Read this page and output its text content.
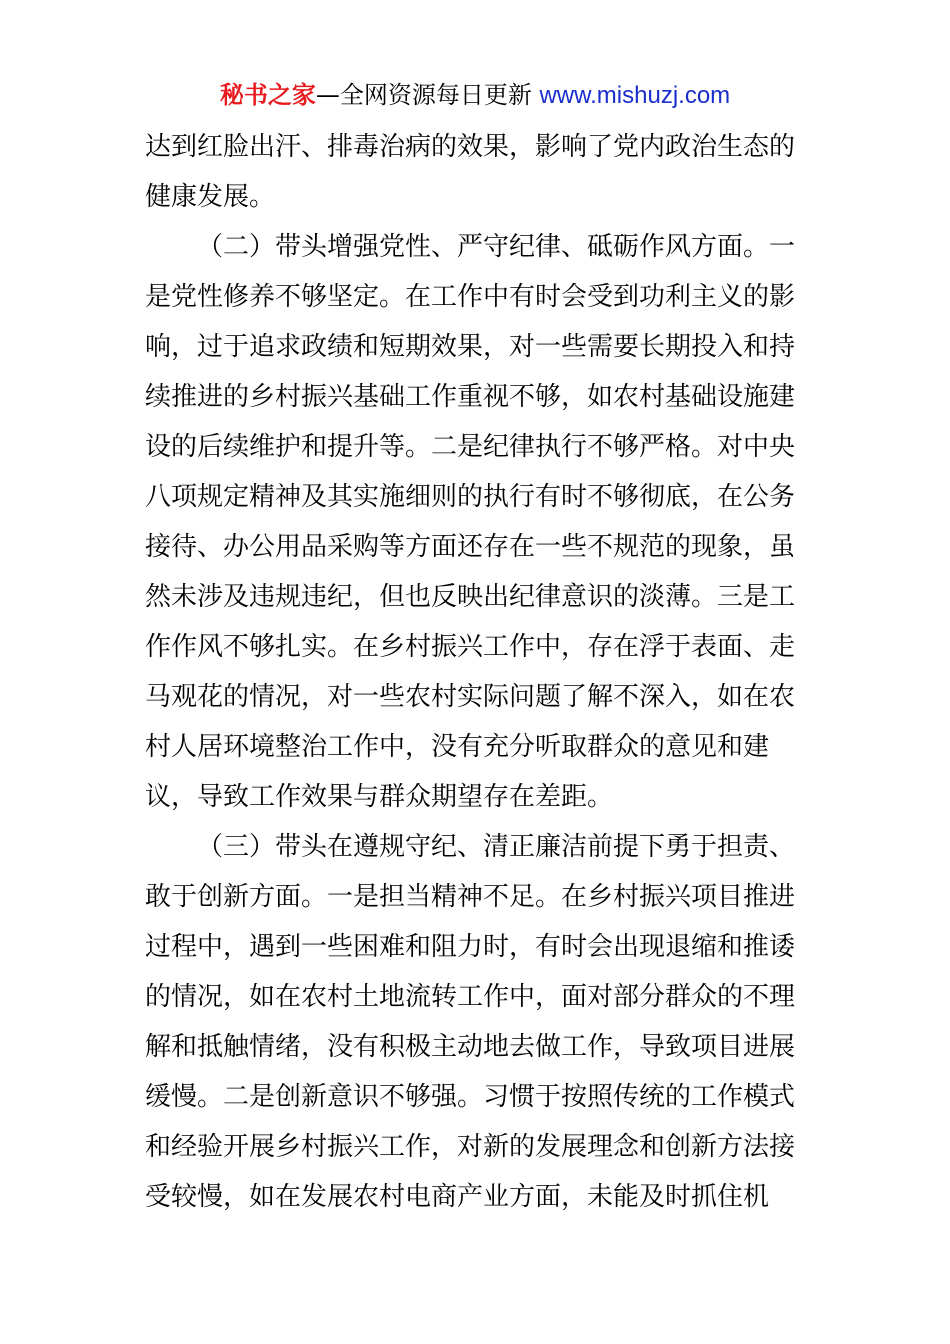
秘书之家—全网资源每日更新 www.mishuzj.com
达到红脸出汗、排毒治病的效果，影响了党内政治生态的
健康发展。
（二）带头增强党性、严守纪律、砥砺作风方面。一
是党性修养不够坚定。在工作中有时会受到功利主义的影
响，过于追求政绩和短期效果，对一些需要长期投入和持
续推进的乡村振兴基础工作重视不够，如农村基础设施建
设的后续维护和提升等。二是纪律执行不够严格。对中央
八项规定精神及其实施细则的执行有时不够彻底，在公务
接待、办公用品采购等方面还存在一些不规范的现象，虽
然未涉及违规违纪，但也反映出纪律意识的淡薄。三是工
作作风不够扎实。在乡村振兴工作中，存在浮于表面、走
马观花的情况，对一些农村实际问题了解不深入，如在农
村人居环境整治工作中，没有充分听取群众的意见和建
议，导致工作效果与群众期望存在差距。
（三）带头在遵规守纪、清正廉洁前提下勇于担责、
敢于创新方面。一是担当精神不足。在乡村振兴项目推进
过程中，遇到一些困难和阻力时，有时会出现退缩和推诿
的情况，如在农村土地流转工作中，面对部分群众的不理
解和抵触情绪，没有积极主动地去做工作，导致项目进展
缓慢。二是创新意识不够强。习惯于按照传统的工作模式
和经验开展乡村振兴工作，对新的发展理念和创新方法接
受较慢，如在发展农村电商产业方面，未能及时抓住机
